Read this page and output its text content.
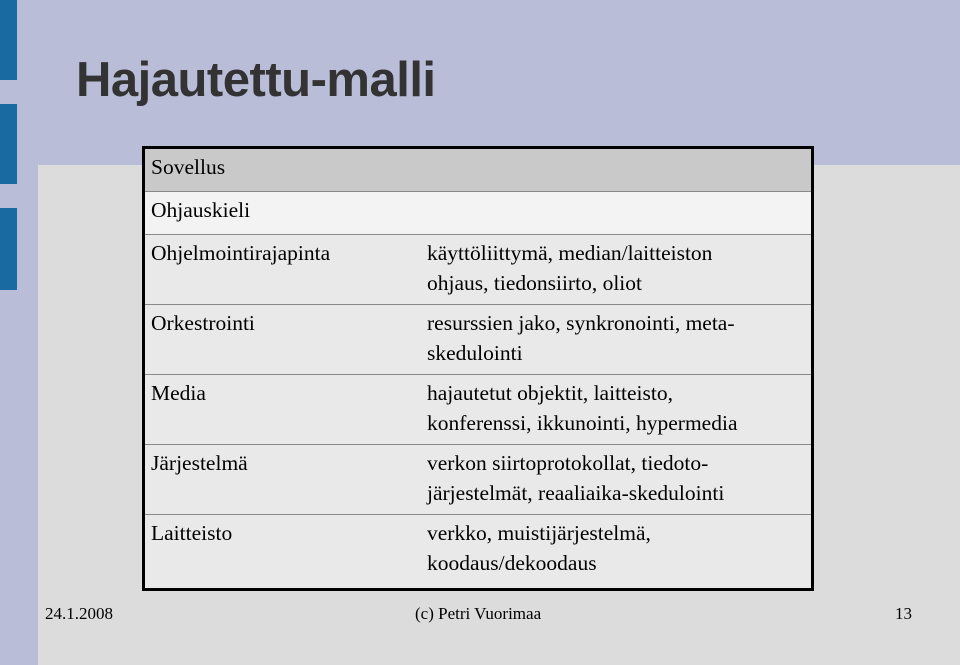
Hajautettu-malli
Sovellus	
Ohjauskieli	
Ohjelmointirajapinta	käyttöliittymä, median/laitteiston
ohjaus, tiedonsiirto, oliot

Orkestrointi	resurssien jako, synkronointi, meta-
skedulointi

Media	hajautetut objektit, laitteisto,
konferenssi, ikkunointi, hypermedia

Järjestelmä	verkon siirtoprotokollat, tiedoto-
järjestelmät, reaaliaika-skedulointi

Laitteisto	verkko, muistijärjestelmä,
koodaus/dekoodaus
24.1.2008	(c) Petri Vuorimaa	13
